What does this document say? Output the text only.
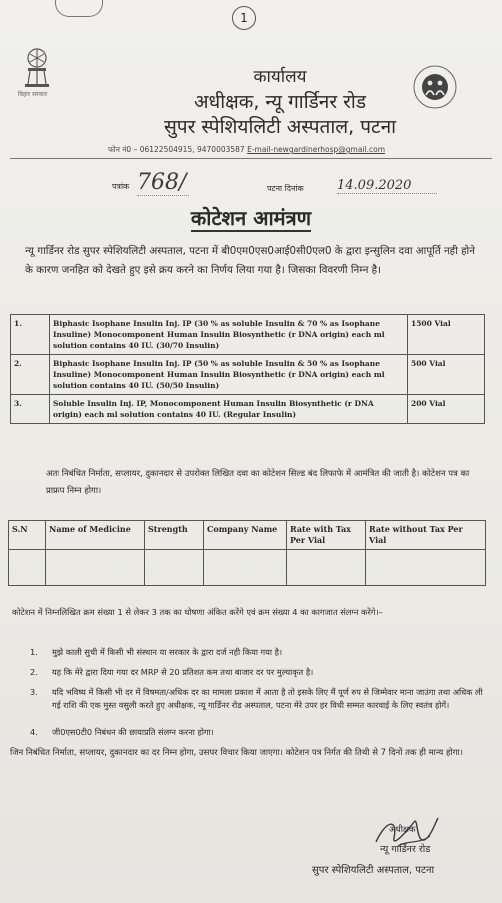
1
बिहार सरकार
कार्यालय
अधीक्षक, न्यू गार्डिनर रोड
सुपर स्पेशियलिटी अस्पताल, पटना
फोन नं0 – 06122504915, 9470003587 E-mail-newgardinerhosp@gmail.com
पत्रांक 768/	पटना दिनांक	14.09.2020
कोटेशन आमंत्रण
न्यू गार्डिनर रोड सुपर स्पेशियलिटी अस्पताल, पटना में बी0एम0एस0आई0सी0एल0 के द्वारा इन्सुलिन दवा आपूर्ति नही होने के कारण जनहित को देखते हुए इसे क्रय करने का निर्णय लिया गया है। जिसका विवरणी निम्न है।
1.	Biphasic Isophane Insulin Inj. IP (30 % as soluble Insulin & 70 % as Isophane Insuline) Monocomponent Human Insulin Biosynthetic (r DNA origin) each ml solution contains 40 IU. (30/70 Insulin)	1500 Vial
2.	Biphasic Isophane Insulin Inj. IP (50 % as soluble Insulin & 50 % as Isophane Insuline) Monocomponent Human Insulin Biosynthetic (r DNA origin) each ml solution contains 40 IU. (50/50 Insulin)	500 Vial
3.	Soluble Insulin Inj. IP, Monocomponent Human Insulin Biosynthetic (r DNA origin) each ml solution contains 40 IU. (Regular Insulin)	200 Vial
अतः निबंधित निर्माता, सप्लायर, दुकानदार से उपरोक्त लिखित दवा का कोटेशन सिल्ड बंद लिफाफे में आमंत्रित की जाती है। कोटेशन पत्र का प्राफ्रप निम्न होगा।
S.N	Name of Medicine	Strength	Company Name	Rate with Tax Per Vial	Rate without Tax Per Vial

कोटेशन में निम्नलिखित क्रम संख्या 1 से लेकर 3 तक का घोषणा अंकित करेंगे एवं क्रम संख्या 4 का कागजात संलग्न करेंगे।–
1.	मुझे काली सुची में किसी भी संस्थान या सरकार के द्वारा दर्ज नही किया गया है।
2.	यह कि मेरे द्वारा दिया गया दर MRP से 20 प्रतिशत कम तथा बाजार दर पर मुल्याकृत है।
3.	यदि भविष्य में किसी भी दर में विषमता/अधिक दर का मामला प्रकाश में आता है तो इसके लिए मैं पूर्ण रुप से जिम्मेवार माना जाउंगा तथा अधिक ली गई राशि की एक मुस्त वसुली करते हुए अधीक्षक, न्यू गार्डिनर रोड अस्पताल, पटना मेरे उपर हर विधी सम्मत कारवाई के लिए स्वतंत्र होगें।
4.	जी0एस0टी0 निबंधन की छायाप्रति संलग्न करना होगा।
जिन निबंधित निर्माता, सप्लायर, दुकानदार का दर निम्न होगा, उसपर विचार किया जाएगा। कोटेशन पत्र निर्गत की तिथी से 7 दिनों तक ही मान्य होगा।
अधीक्षक
न्यू गार्डिनर रोड
सुपर स्पेशियलिटी अस्पताल, पटना
